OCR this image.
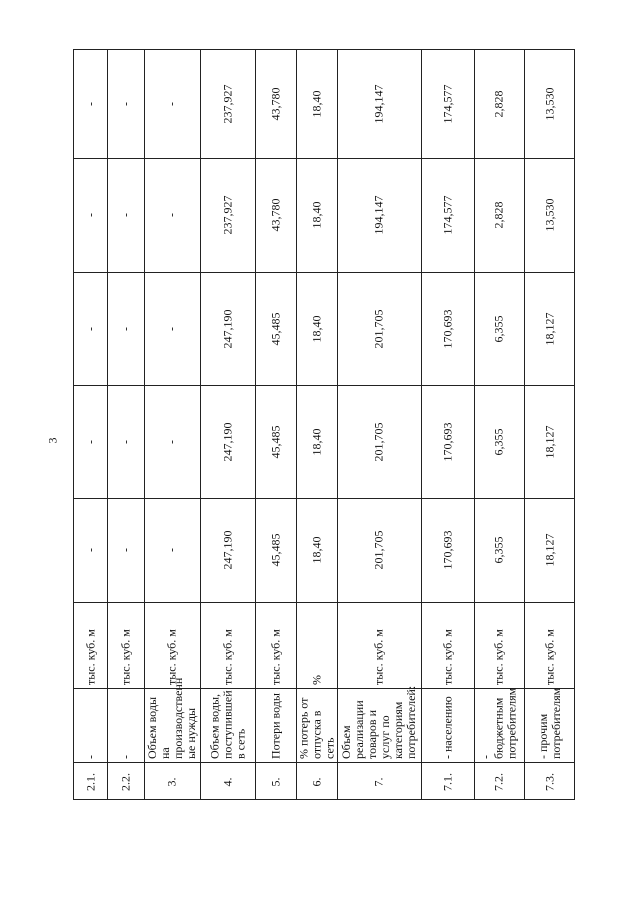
3
2.1.
-
тыс. куб. м
-
-
-
-
-
2.2.
-
тыс. куб. м
-
-
-
-
-
3.
Объем воды на производственн ые нужды
тыс. куб. м
-
-
-
-
-
4.
Объем воды, поступившей в сеть
тыс. куб. м
247,190
247,190
247,190
237,927
237,927
5.
Потери воды
тыс. куб. м
45,485
45,485
45,485
43,780
43,780
6.
% потерь от отпуска в сеть
%
18,40
18,40
18,40
18,40
18,40
7.
Объем реализации товаров и услуг по категориям потребителей:
тыс. куб. м
201,705
201,705
201,705
194,147
194,147
7.1.
- населению
тыс. куб. м
170,693
170,693
170,693
174,577
174,577
7.2.
- бюджетным потребителям
тыс. куб. м
6,355
6,355
6,355
2,828
2,828
7.3.
- прочим потребителям
тыс. куб. м
18,127
18,127
18,127
13,530
13,530
